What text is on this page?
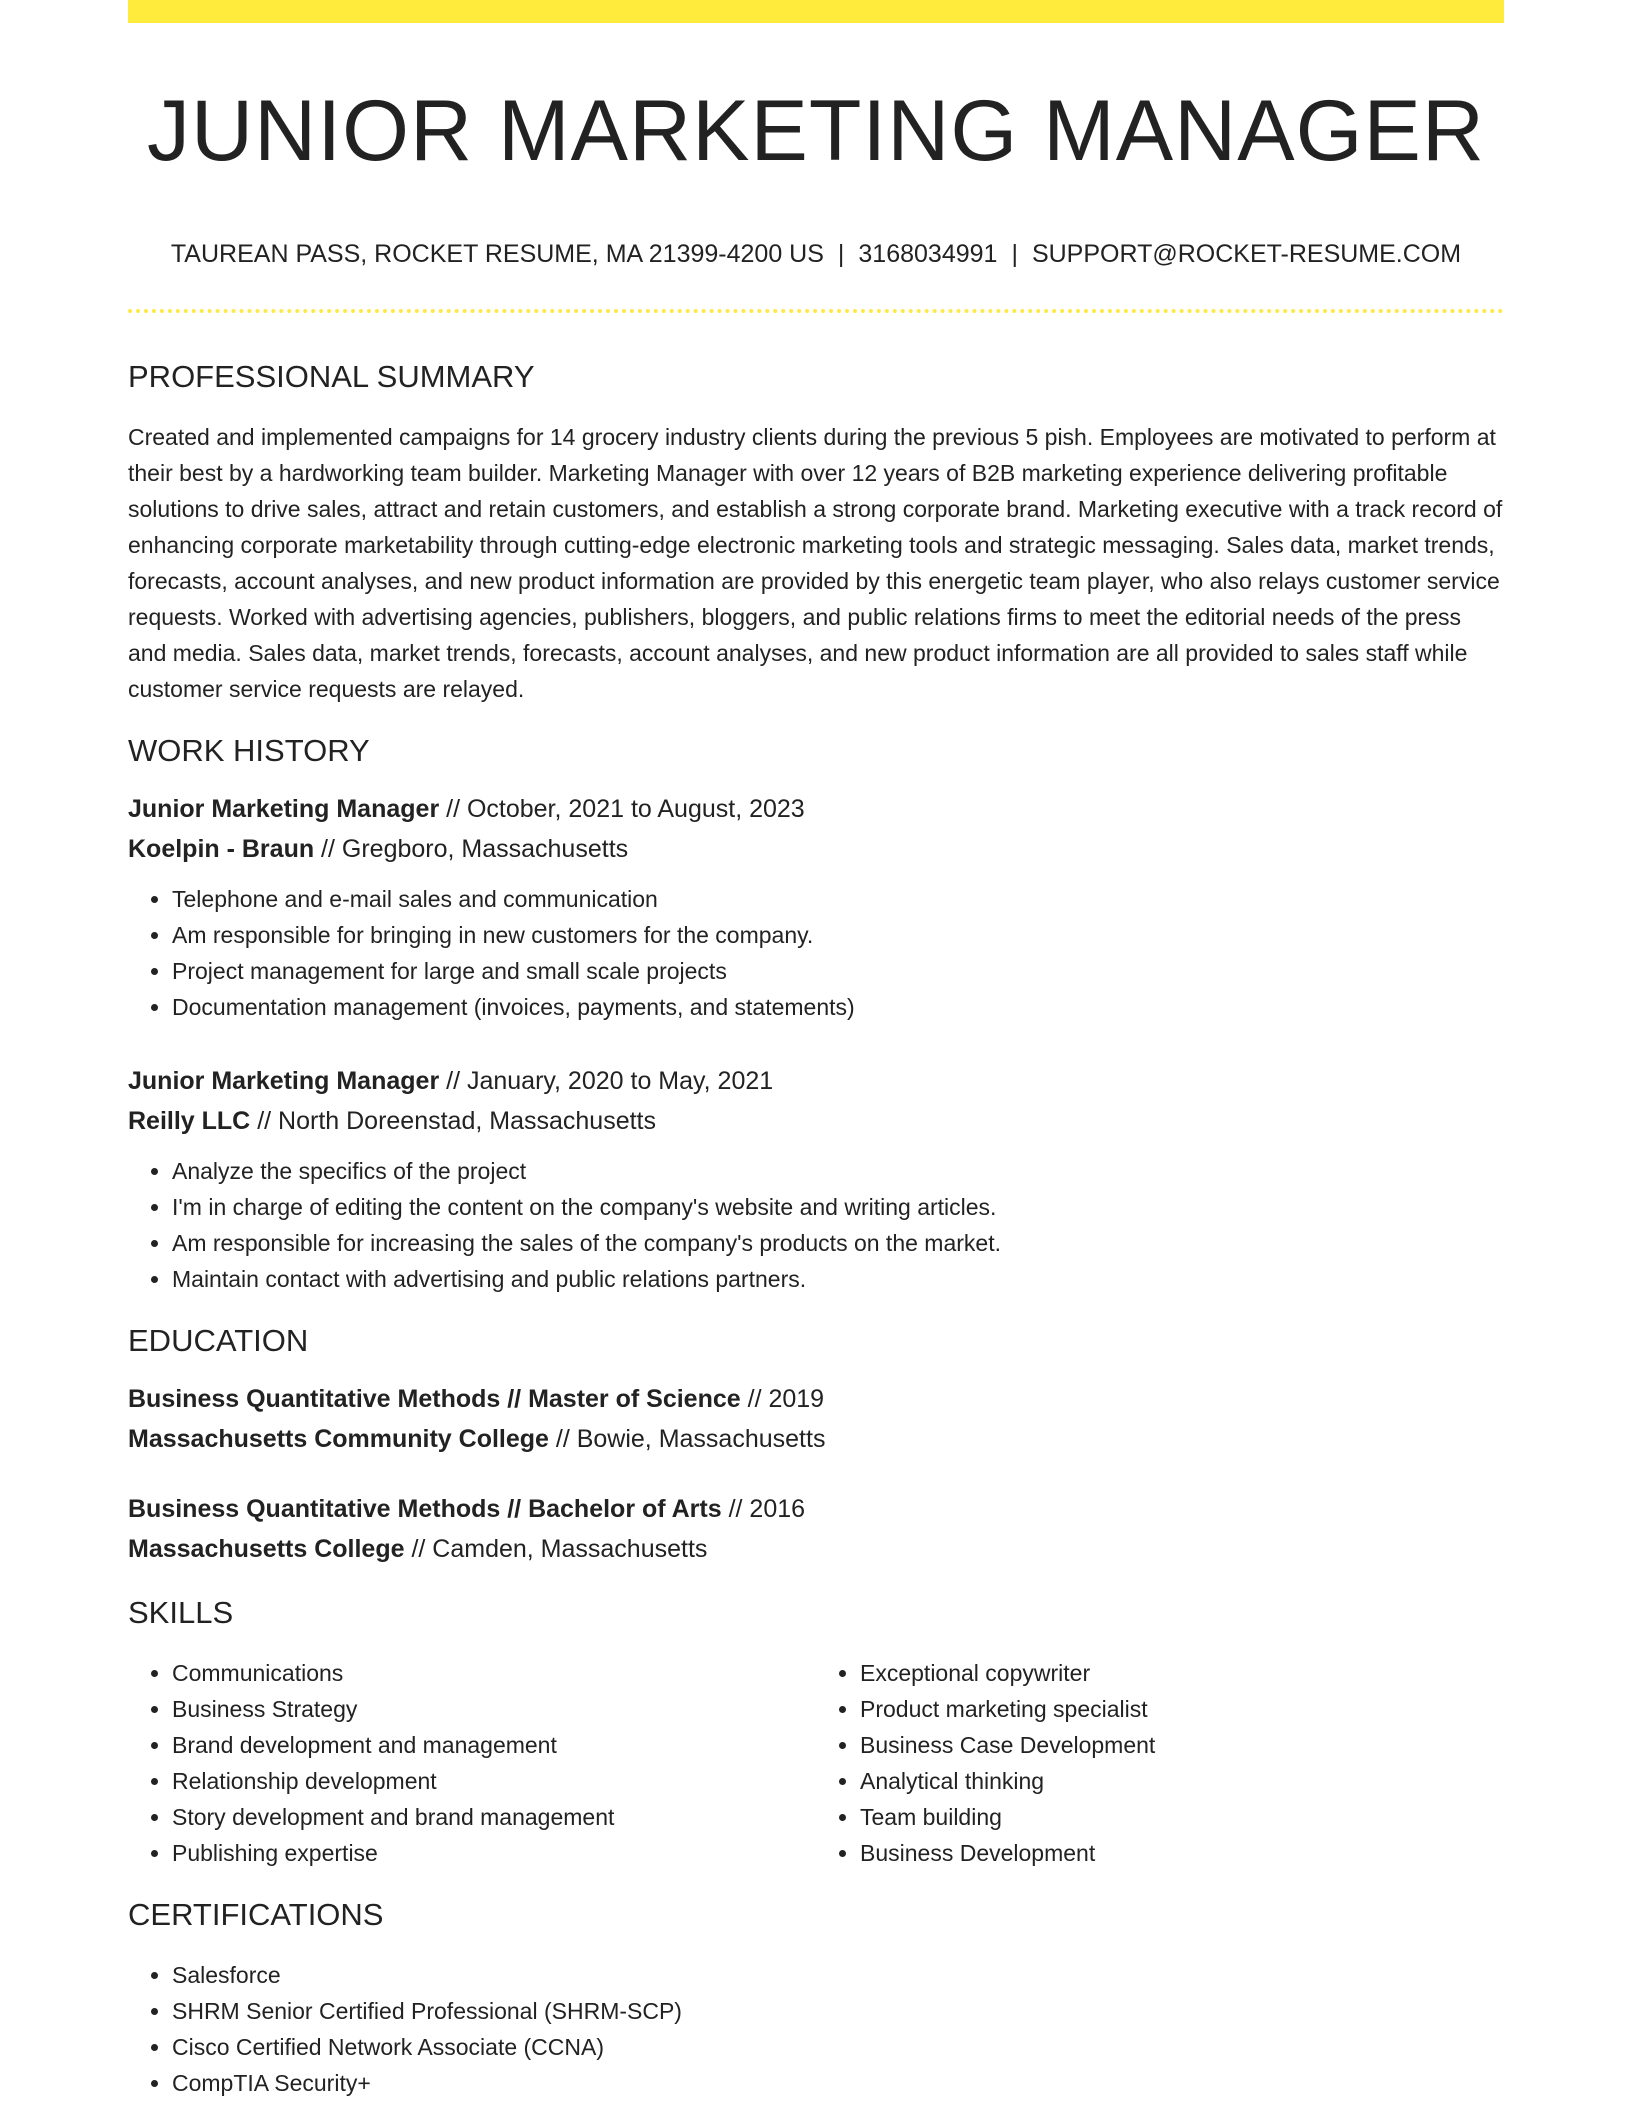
JUNIOR MARKETING MANAGER
TAUREAN PASS, ROCKET RESUME, MA 21399-4200 US | 3168034991 | SUPPORT@ROCKET-RESUME.COM
PROFESSIONAL SUMMARY

Created and implemented campaigns for 14 grocery industry clients during the previous 5 pish. Employees are motivated to perform at their best by a hardworking team builder. Marketing Manager with over 12 years of B2B marketing experience delivering profitable solutions to drive sales, attract and retain customers, and establish a strong corporate brand. Marketing executive with a track record of enhancing corporate marketability through cutting-edge electronic marketing tools and strategic messaging. Sales data, market trends, forecasts, account analyses, and new product information are provided by this energetic team player, who also relays customer service requests. Worked with advertising agencies, publishers, bloggers, and public relations firms to meet the editorial needs of the press and media. Sales data, market trends, forecasts, account analyses, and new product information are all provided to sales staff while customer service requests are relayed.

WORK HISTORY

Junior Marketing Manager // October, 2021 to August, 2023

Koelpin - Braun // Gregboro, Massachusetts

• Telephone and e-mail sales and communication
• Am responsible for bringing in new customers for the company.
• Project management for large and small scale projects
• Documentation management (invoices, payments, and statements)

Junior Marketing Manager // January, 2020 to May, 2021

Reilly LLC // North Doreenstad, Massachusetts

• Analyze the specifics of the project
• I'm in charge of editing the content on the company's website and writing articles.
• Am responsible for increasing the sales of the company's products on the market.
• Maintain contact with advertising and public relations partners.
EDUCATION

Business Quantitative Methods // Master of Science // 2019

Massachusetts Community College // Bowie, Massachusetts

Business Quantitative Methods // Bachelor of Arts // 2016

Massachusetts College // Camden, Massachusetts

SKILLS
• Communications
• Business Strategy
• Brand development and management
• Relationship development
• Story development and brand management
• Publishing expertise
• Exceptional copywriter
• Product marketing specialist
• Business Case Development
• Analytical thinking
• Team building
• Business Development
CERTIFICATIONS
• Salesforce
• SHRM Senior Certified Professional (SHRM-SCP)
• Cisco Certified Network Associate (CCNA)
• CompTIA Security+
